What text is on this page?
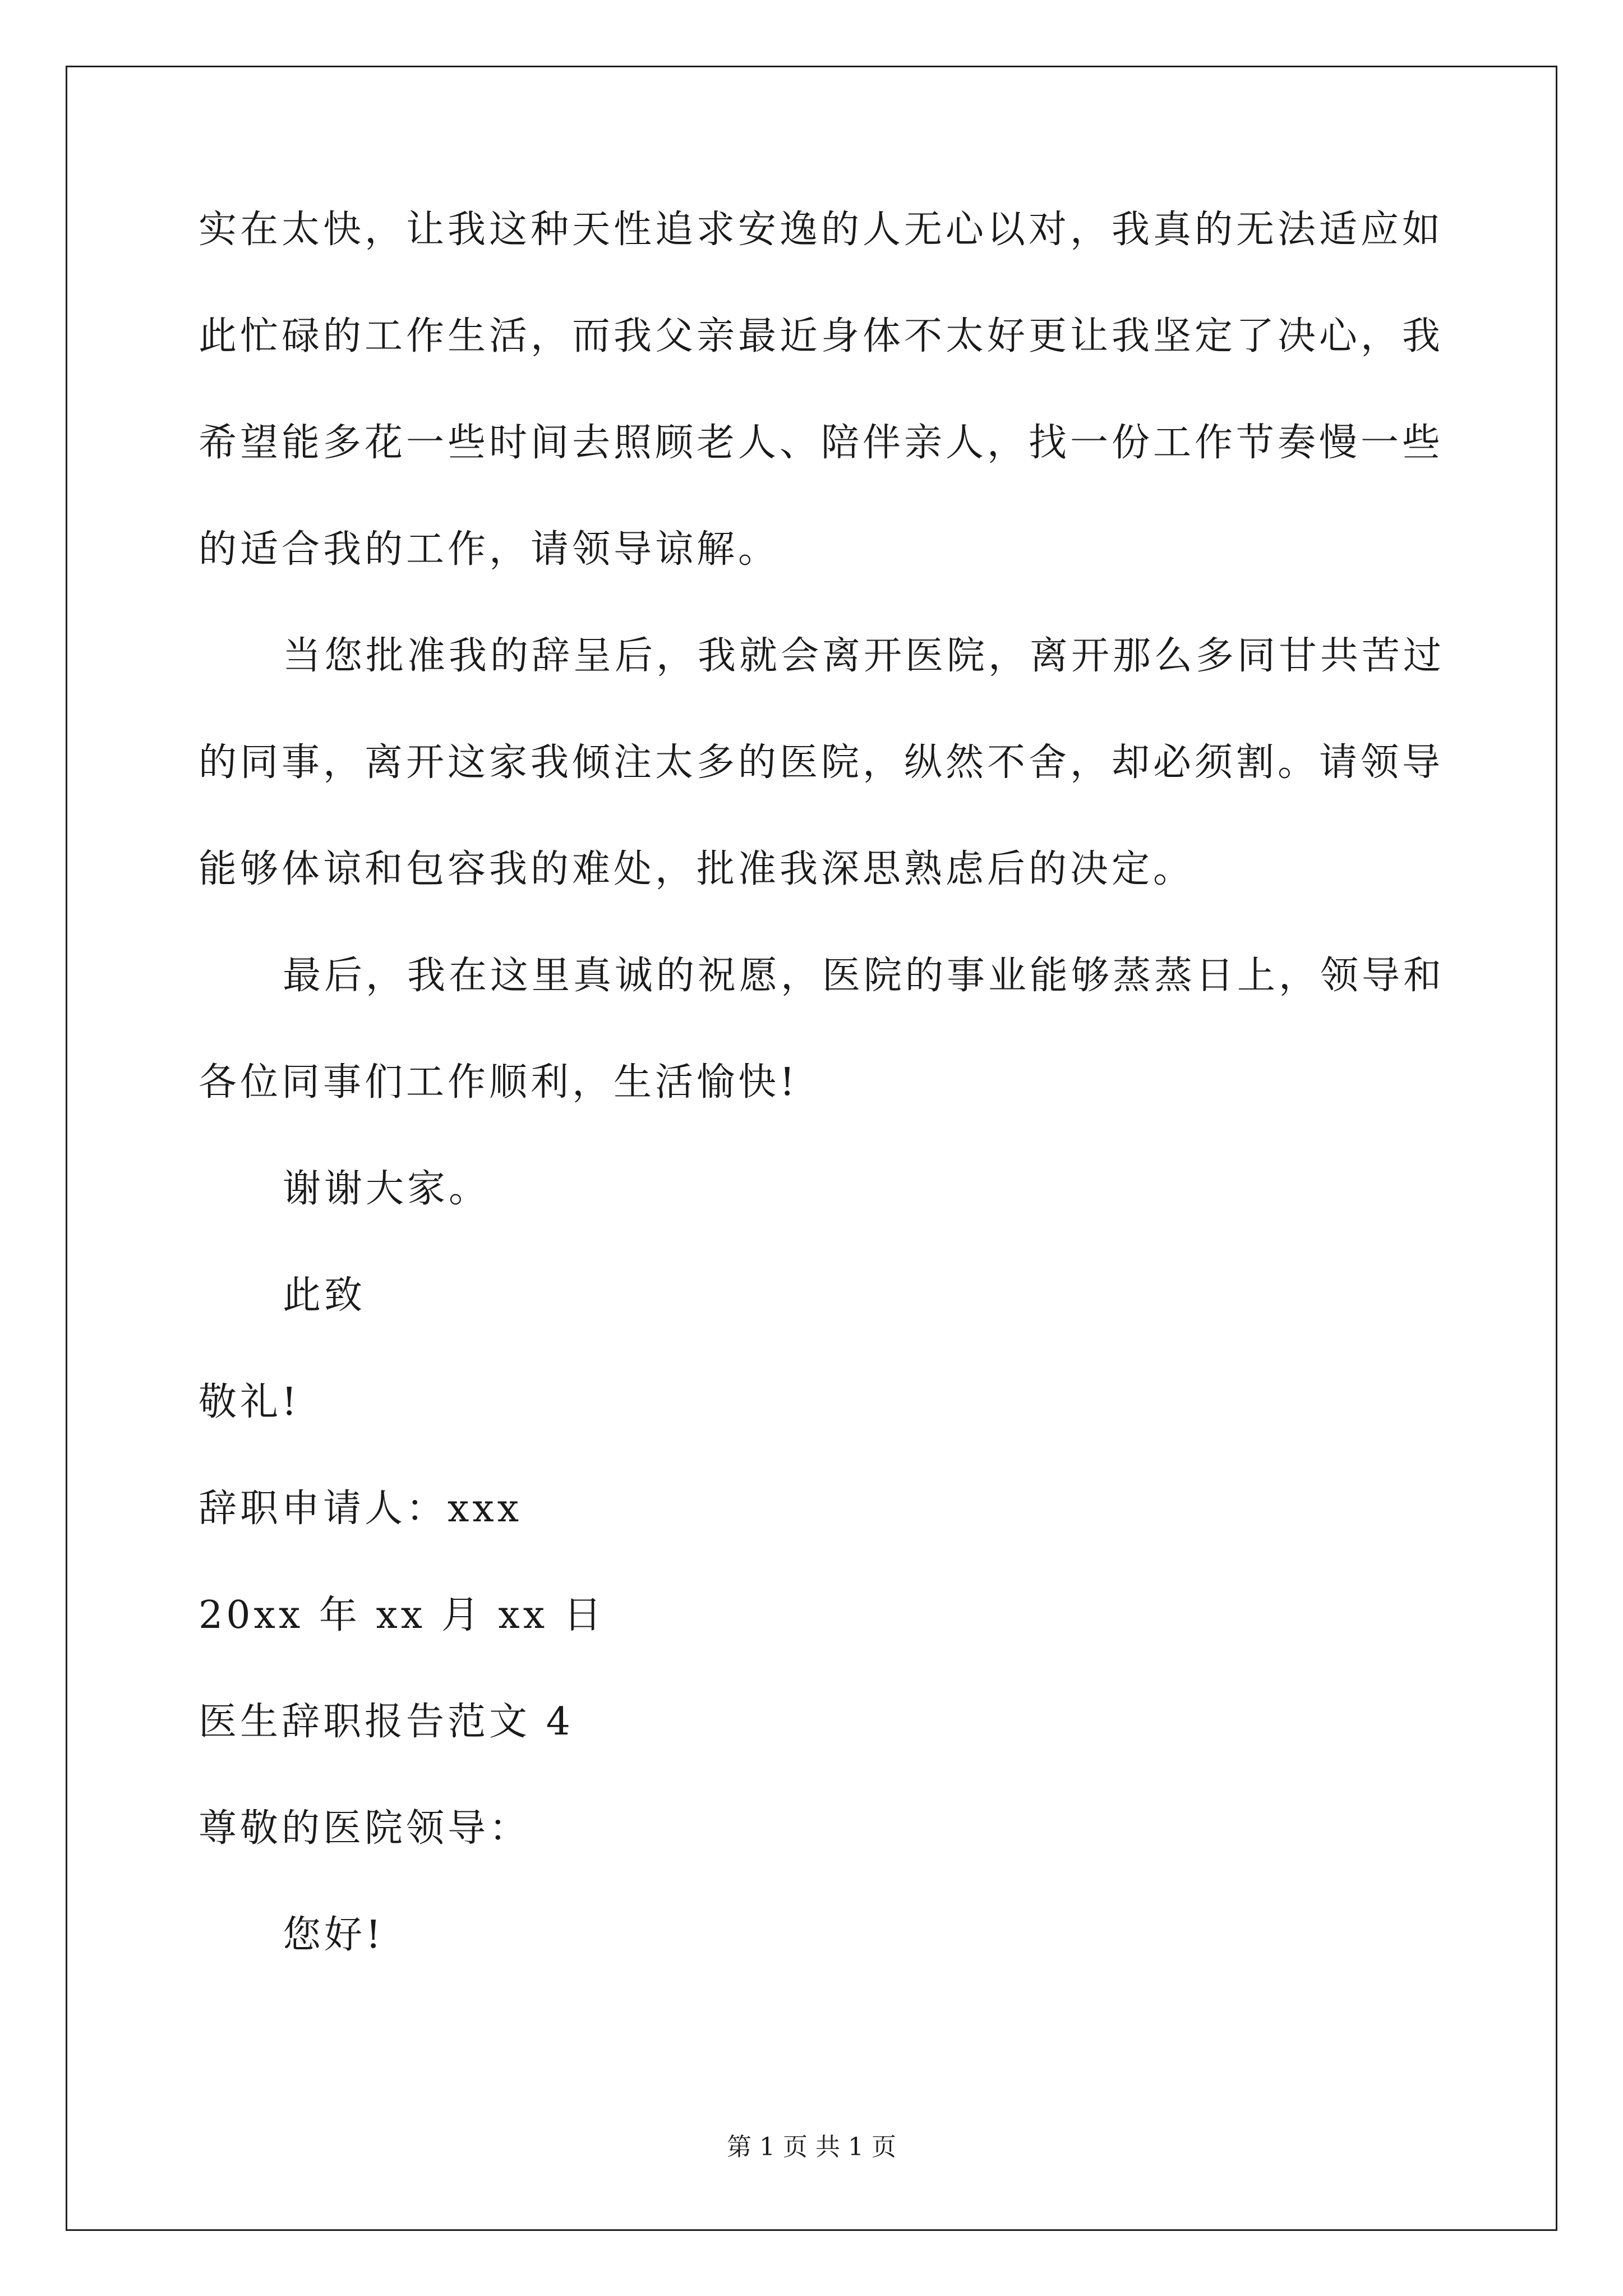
实在太快，让我这种天性追求安逸的人无心以对，我真的无法适应如
此忙碌的工作生活，而我父亲最近身体不太好更让我坚定了决心，我
希望能多花一些时间去照顾老人、陪伴亲人，找一份工作节奏慢一些
的适合我的工作，请领导谅解。
当您批准我的辞呈后，我就会离开医院，离开那么多同甘共苦过
的同事，离开这家我倾注太多的医院，纵然不舍，却必须割。请领导
能够体谅和包容我的难处，批准我深思熟虑后的决定。
最后，我在这里真诚的祝愿，医院的事业能够蒸蒸日上，领导和
各位同事们工作顺利，生活愉快!
谢谢大家。
此致
敬礼!
辞职申请人：xxx
20xx 年 xx 月 xx 日
医生辞职报告范文 4
尊敬的医院领导：
您好!
第 1 页 共 1 页
